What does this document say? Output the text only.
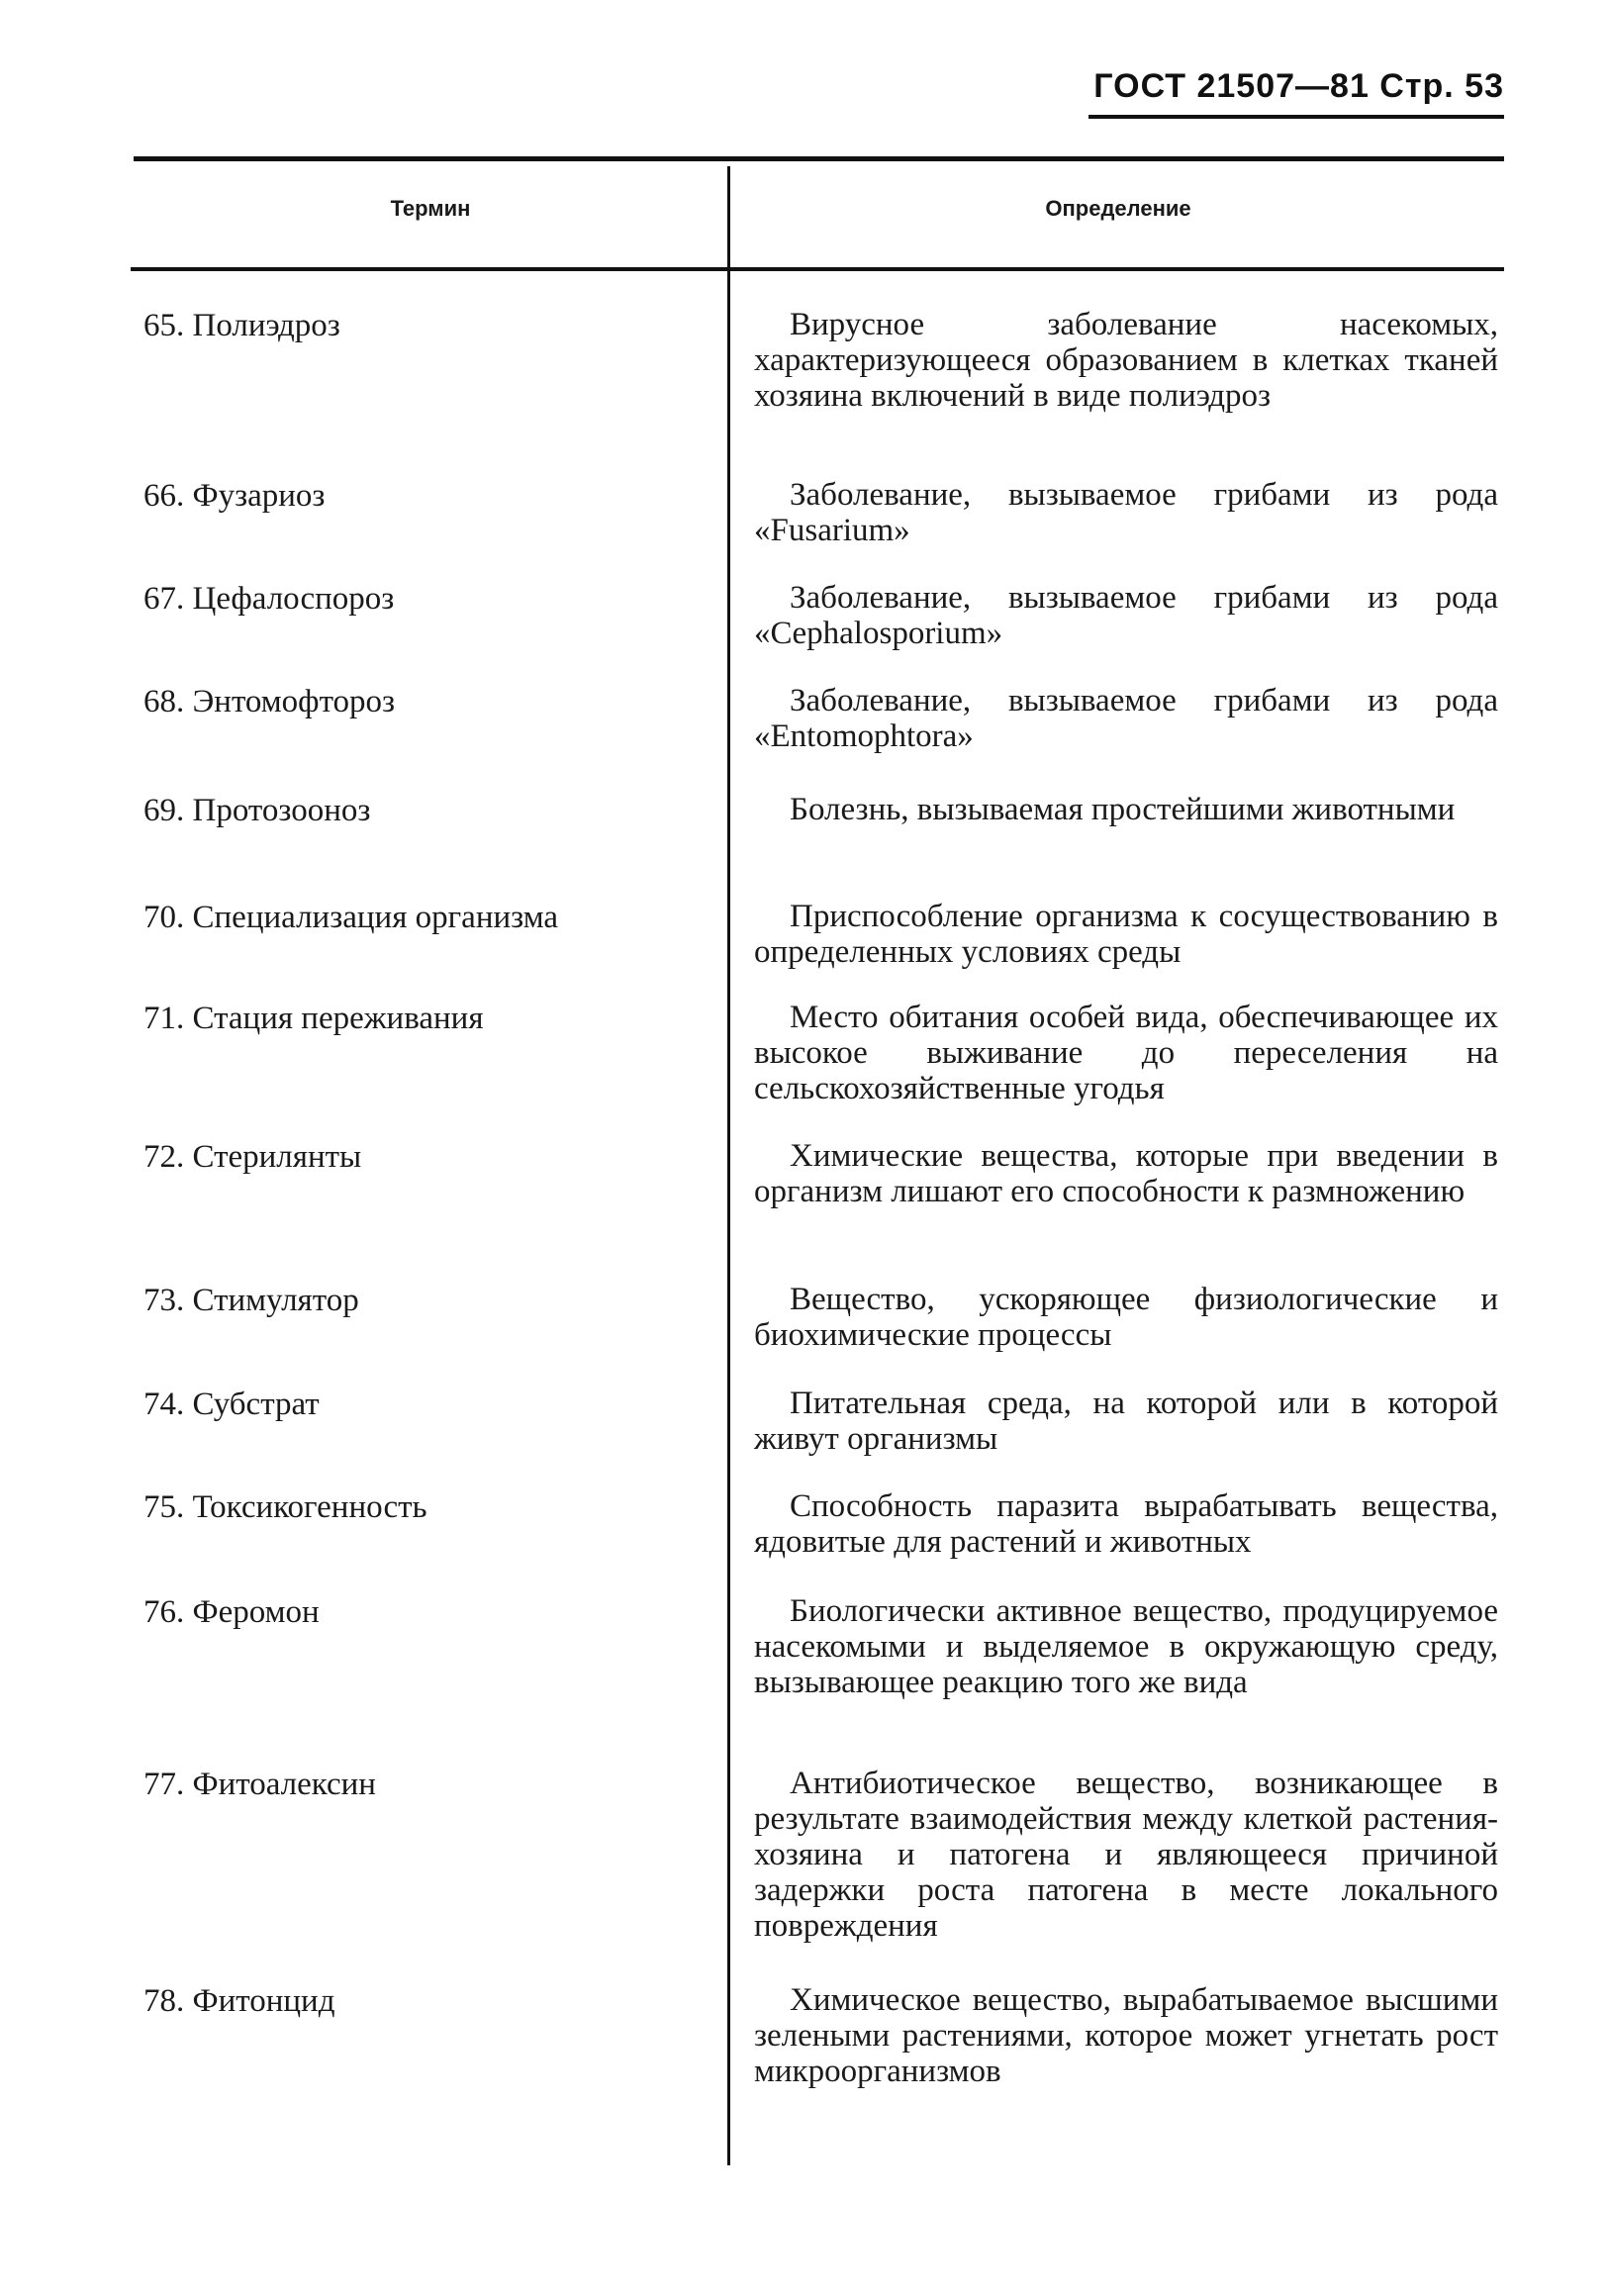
ГОСТ 21507—81 Стр. 53
Термин	Определение
65. Полиэдроз	Вирусное заболевание насекомых, характеризующееся образованием в клетках тканей хозяина включений в виде полиэдроз
66. Фузариоз	Заболевание, вызываемое грибами из рода «Fusarium»
67. Цефалоспороз	Заболевание, вызываемое грибами из рода «Cephalosporium»
68. Энтомофтороз	Заболевание, вызываемое грибами из рода «Entomophtora»
69. Протозооноз	Болезнь, вызываемая простейшими животными
70. Специализация организма	Приспособление организма к сосуществованию в определенных условиях среды
71. Стация переживания	Место обитания особей вида, обеспечивающее их высокое выживание до переселения на сельскохозяйственные угодья
72. Стерилянты	Химические вещества, которые при введении в организм лишают его способности к размножению
73. Стимулятор	Вещество, ускоряющее физиологические и биохимические процессы
74. Субстрат	Питательная среда, на которой или в которой живут организмы
75. Токсикогенность	Способность паразита вырабатывать вещества, ядовитые для растений и животных
76. Феромон	Биологически активное вещество, продуцируемое насекомыми и выделяемое в окружающую среду, вызывающее реакцию того же вида
77. Фитоалексин	Антибиотическое вещество, возникающее в результате взаимодействия между клеткой растения-хозяина и патогена и являющееся причиной задержки роста патогена в месте локального повреждения
78. Фитонцид	Химическое вещество, вырабатываемое высшими зелеными растениями, которое может угнетать рост микроорганизмов
